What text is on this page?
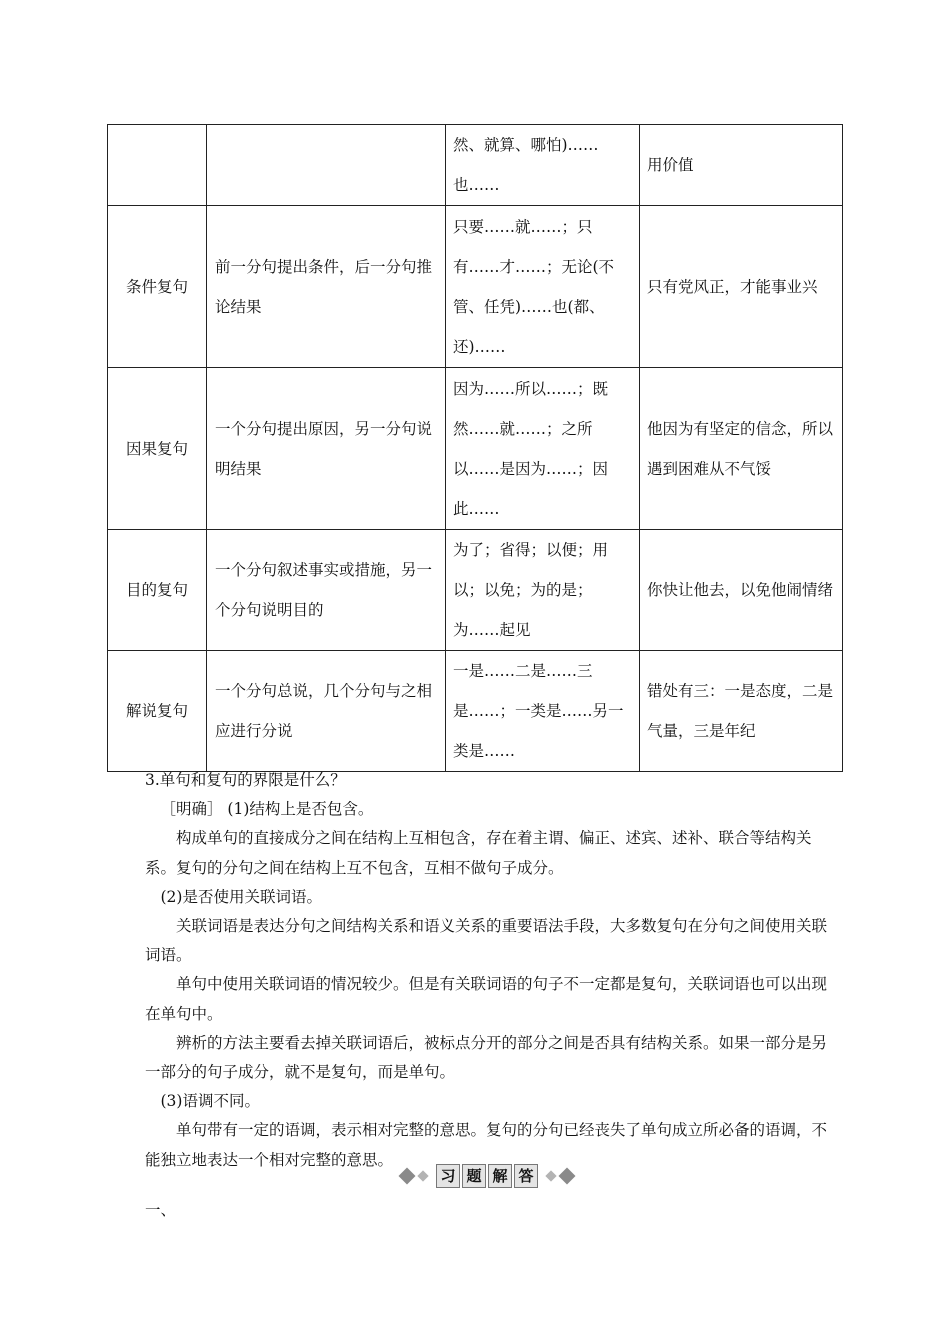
		然、就算、哪怕)……也……	用价值
条件复句	前一分句提出条件，后一分句推论结果	只要……就……；只有……才……；无论(不管、任凭)……也(都、还)……	只有党风正，才能事业兴
因果复句	一个分句提出原因，另一分句说明结果	因为……所以……；既然……就……；之所以……是因为……；因此……	他因为有坚定的信念，所以遇到困难从不气馁
目的复句	一个分句叙述事实或措施，另一个分句说明目的	为了；省得；以便；用以；以免；为的是；为……起见	你快让他去，以免他闹情绪
解说复句	一个分句总说，几个分句与之相应进行分说	一是……二是……三是……；一类是……另一类是……	错处有三：一是态度，二是气量，三是年纪

3.单句和复句的界限是什么？

［明确］ (1)结构上是否包含。

构成单句的直接成分之间在结构上互相包含，存在着主谓、偏正、述宾、述补、联合等结构关系。复句的分句之间在结构上互不包含，互相不做句子成分。

(2)是否使用关联词语。

关联词语是表达分句之间结构关系和语义关系的重要语法手段，大多数复句在分句之间使用关联词语。

单句中使用关联词语的情况较少。但是有关联词语的句子不一定都是复句，关联词语也可以出现在单句中。

辨析的方法主要看去掉关联词语后，被标点分开的部分之间是否具有结构关系。如果一部分是另一部分的句子成分，就不是复句，而是单句。

(3)语调不同。

单句带有一定的语调，表示相对完整的意思。复句的分句已经丧失了单句成立所必备的语调，不能独立地表达一个相对完整的意思。

习 题 解 答
一、
